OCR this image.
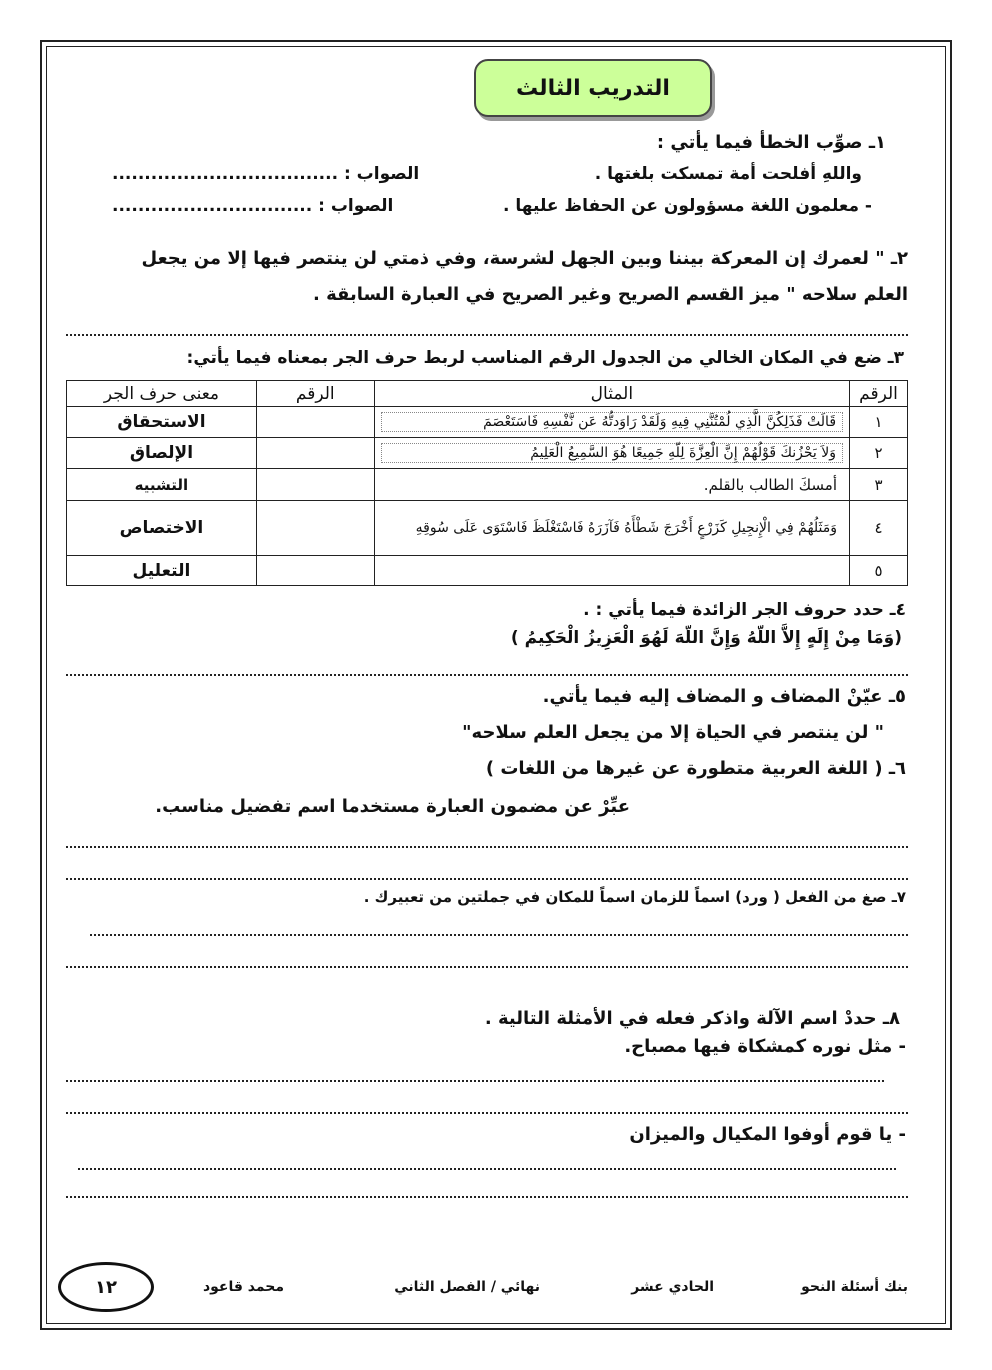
التدريب الثالث
١ـ صوِّب الخطأ فيما يأتي :
واللهِ أفلحت أمة تمسكت بلغتها .
الصواب : ...................................
- معلمون اللغة مسؤولون عن الحفاظ عليها .
الصواب : ...............................
٢ـ " لعمرك إن المعركة بيننا وبين الجهل لشرسة، وفي ذمتي لن ينتصر فيها إلا من يجعل
العلم سلاحه " ميز القسم الصريح وغير الصريح في العبارة السابقة .
٣ـ ضع في المكان الخالي من الجدول الرقم المناسب لربط حرف الجر بمعناه فيما يأتي:
الرقم	المثال	الرقم	معنى حرف الجر
١	قَالَتْ فَذَلِكُنَّ الَّذِي لُمْتُنَّنِي فِيهِ وَلَقَدْ رَاوَدتُّهُ عَن نَّفْسِهِ فَاسَتَعْصَمَ		الاستحقاق
٢	وَلاَ يَحْزُنكَ قَوْلُهُمْ إِنَّ الْعِزَّةَ لِلّهِ جَمِيعًا هُوَ السَّمِيعُ الْعَلِيمُ		الإلصاق
٣	أمسكَ الطالب بالقلم.		التشبيه
٤	وَمَثَلُهُمْ فِي الْإِنجِيلِ كَزَرْعٍ أَخْرَجَ شَطْأَهُ فَآزَرَهُ فَاسْتَغْلَظَ فَاسْتَوَى عَلَى سُوقِهِ		الاختصاص
٥			التعليل
٤ـ حدد حروف الجر الزائدة فيما يأتي : .
(وَمَا مِنْ إِلَهٍ إِلاَّ اللّهُ وَإِنَّ اللّهَ لَهُوَ الْعَزِيزُ الْحَكِيمُ )
٥ـ عيّنْ المضاف و المضاف إليه فيما يأتي.
" لن ينتصر في الحياة إلا من يجعل العلم سلاحه"
٦ـ ( اللغة العربية متطورة عن غيرها من اللغات )
عبِّرْ عن مضمون العبارة مستخدما اسم تفضيل مناسب.
٧ـ صغ من الفعل ( ورد) اسماً للزمان اسماً للمكان في جملتين من تعبيرك .
٨ـ حددْ اسم الآلة واذكر فعله في الأمثلة التالية .
- مثل نوره كمشكاة فيها مصباح.
- يا قوم أوفوا المكيال والميزان
بنك أسئلة النحو
الحادي عشر
نهائي / الفصل الثاني
محمد قاعود
١٢
